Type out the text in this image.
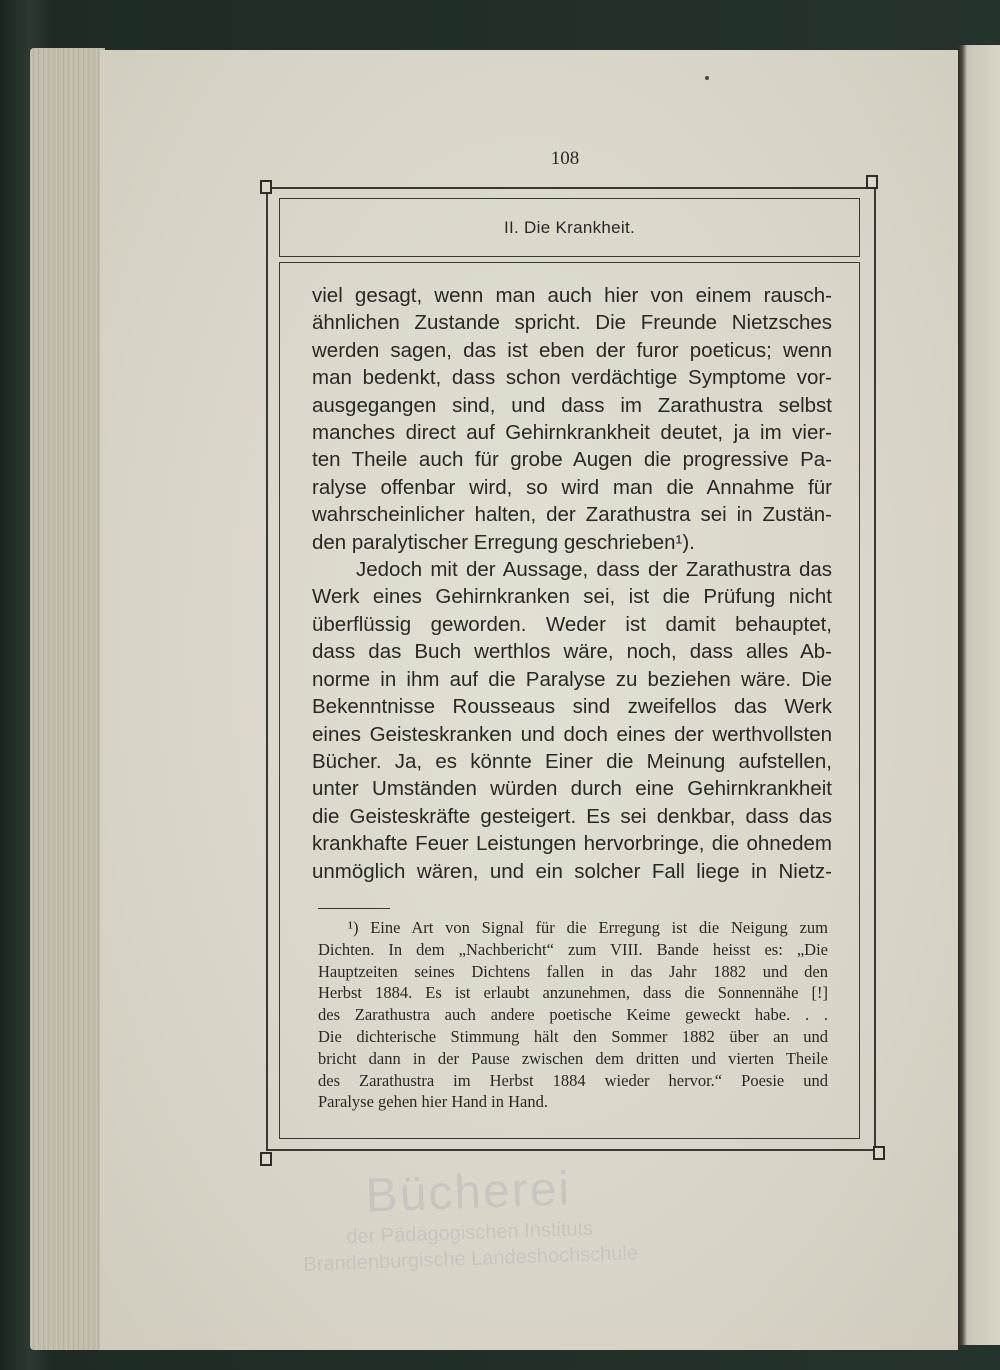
108
II. Die Krankheit.
viel gesagt, wenn man auch hier von einem rausch-
ähnlichen Zustande spricht. Die Freunde Nietzsches
werden sagen, das ist eben der furor poeticus; wenn
man bedenkt, dass schon verdächtige Symptome vor-
ausgegangen sind, und dass im Zarathustra selbst
manches direct auf Gehirnkrankheit deutet, ja im vier-
ten Theile auch für grobe Augen die progressive Pa-
ralyse offenbar wird, so wird man die Annahme für
wahrscheinlicher halten, der Zarathustra sei in Zustän-
den paralytischer Erregung geschrieben¹).
Jedoch mit der Aussage, dass der Zarathustra das
Werk eines Gehirnkranken sei, ist die Prüfung nicht
überflüssig geworden. Weder ist damit behauptet,
dass das Buch werthlos wäre, noch, dass alles Ab-
norme in ihm auf die Paralyse zu beziehen wäre. Die
Bekenntnisse Rousseaus sind zweifellos das Werk
eines Geisteskranken und doch eines der werthvollsten
Bücher. Ja, es könnte Einer die Meinung aufstellen,
unter Umständen würden durch eine Gehirnkrankheit
die Geisteskräfte gesteigert. Es sei denkbar, dass das
krankhafte Feuer Leistungen hervorbringe, die ohnedem
unmöglich wären, und ein solcher Fall liege in Nietz-
¹) Eine Art von Signal für die Erregung ist die Neigung zum
Dichten. In dem „Nachbericht“ zum VIII. Bande heisst es: „Die
Hauptzeiten seines Dichtens fallen in das Jahr 1882 und den
Herbst 1884. Es ist erlaubt anzunehmen, dass die Sonnennähe [!]
des Zarathustra auch andere poetische Keime geweckt habe. . .
Die dichterische Stimmung hält den Sommer 1882 über an und
bricht dann in der Pause zwischen dem dritten und vierten Theile
des Zarathustra im Herbst 1884 wieder hervor.“ Poesie und
Paralyse gehen hier Hand in Hand.
